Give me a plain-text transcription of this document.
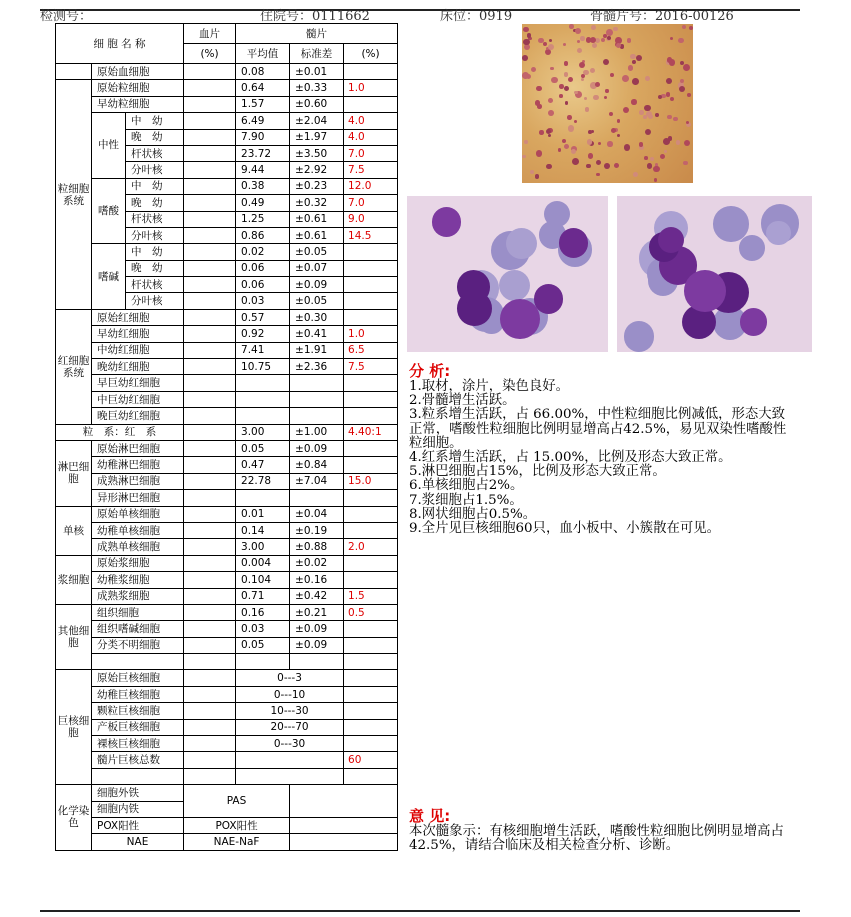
检测号：	住院号：0111662	床位：0919	骨髓片号：2016-00126
细 胞 名 称			血片	髓片		
			(%)	平均值	标准差	(%)
	原始血细胞			0.08	±0.01	
粒细胞系统	原始粒细胞			0.64	±0.33	1.0
	早幼粒细胞			1.57	±0.60	
	中性	中　幼		6.49	±2.04	4.0
		晚　幼		7.90	±1.97	4.0
		杆状核		23.72	±3.50	7.0
		分叶核		9.44	±2.92	7.5
	嗜酸	中　幼		0.38	±0.23	12.0
		晚　幼		0.49	±0.32	7.0
		杆状核		1.25	±0.61	9.0
		分叶核		0.86	±0.61	14.5
	嗜碱	中　幼		0.02	±0.05	
		晚　幼		0.06	±0.07	
		杆状核		0.06	±0.09	
		分叶核		0.03	±0.05	
红细胞系统	原始红细胞			0.57	±0.30	
	早幼红细胞			0.92	±0.41	1.0
	中幼红细胞			7.41	±1.91	6.5
	晚幼红细胞			10.75	±2.36	7.5
	早巨幼红细胞					
	中巨幼红细胞					
	晚巨幼红细胞					
粒　系：红　系				3.00	±1.00	4.40:1
淋巴细胞	原始淋巴细胞			0.05	±0.09	
	幼稚淋巴细胞			0.47	±0.84	
	成熟淋巴细胞			22.78	±7.04	15.0
	异形淋巴细胞					
单核	原始单核细胞			0.01	±0.04	
	幼稚单核细胞			0.14	±0.19	
	成熟单核细胞			3.00	±0.88	2.0
浆细胞	原始浆细胞			0.004	±0.02	
	幼稚浆细胞			0.104	±0.16	
	成熟浆细胞			0.71	±0.42	1.5
其他细胞	组织细胞			0.16	±0.21	0.5
	组织嗜碱细胞			0.03	±0.09	
	分类不明细胞			0.05	±0.09	

巨核细胞	原始巨核细胞			0---3		
	幼稚巨核细胞			0---10		
	颗粒巨核细胞			10---30		
	产板巨核细胞			20---70		
	裸核巨核细胞			0---30		
	髓片巨核总数					60

化学染色	细胞外铁		PAS			
	细胞内铁					
	POX阳性		POX阳性			
	NAE		NAE-NaF			
分 析:
1.取材，涂片，染色良好。
2.骨髓增生活跃。
3.粒系增生活跃，占 66.00%，中性粒细胞比例减低，形态大致正常，嗜酸性粒细胞比例明显增高占42.5%，易见双染性嗜酸性粒细胞。
4.红系增生活跃，占 15.00%，比例及形态大致正常。
5.淋巴细胞占15%，比例及形态大致正常。
6.单核细胞占2%。
7.浆细胞占1.5%。
8.网状细胞占0.5%。
9.全片见巨核细胞60只，血小板中、小簇散在可见。
意 见:
本次髓象示：有核细胞增生活跃，嗜酸性粒细胞比例明显增高占42.5%，请结合临床及相关检查分析、诊断。
